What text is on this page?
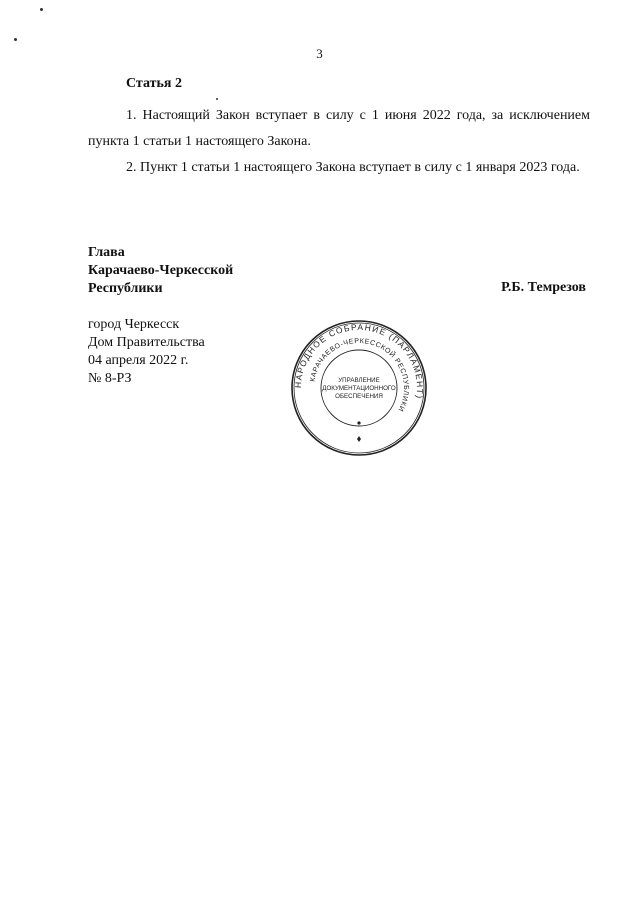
3
Статья 2
1. Настоящий Закон вступает в силу с 1 июня 2022 года, за исключением пункта 1 статьи 1 настоящего Закона.
2. Пункт 1 статьи 1 настоящего Закона вступает в силу с 1 января 2023 года.
Глава
Карачаево-Черкесской
Республики	Р.Б. Темрезов
город Черкесск
Дом Правительства
04 апреля 2022 г.
№ 8-РЗ	НАРОДНОЕ СОБРАНИЕ (ПАРЛАМЕНТ)
КАРАЧАЕВО-ЧЕРКЕССКОЙ РЕСПУБЛИКИ
УПРАВЛЕНИЕ
ДОКУМЕНТАЦИОННОГО
ОБЕСПЕЧЕНИЯ
